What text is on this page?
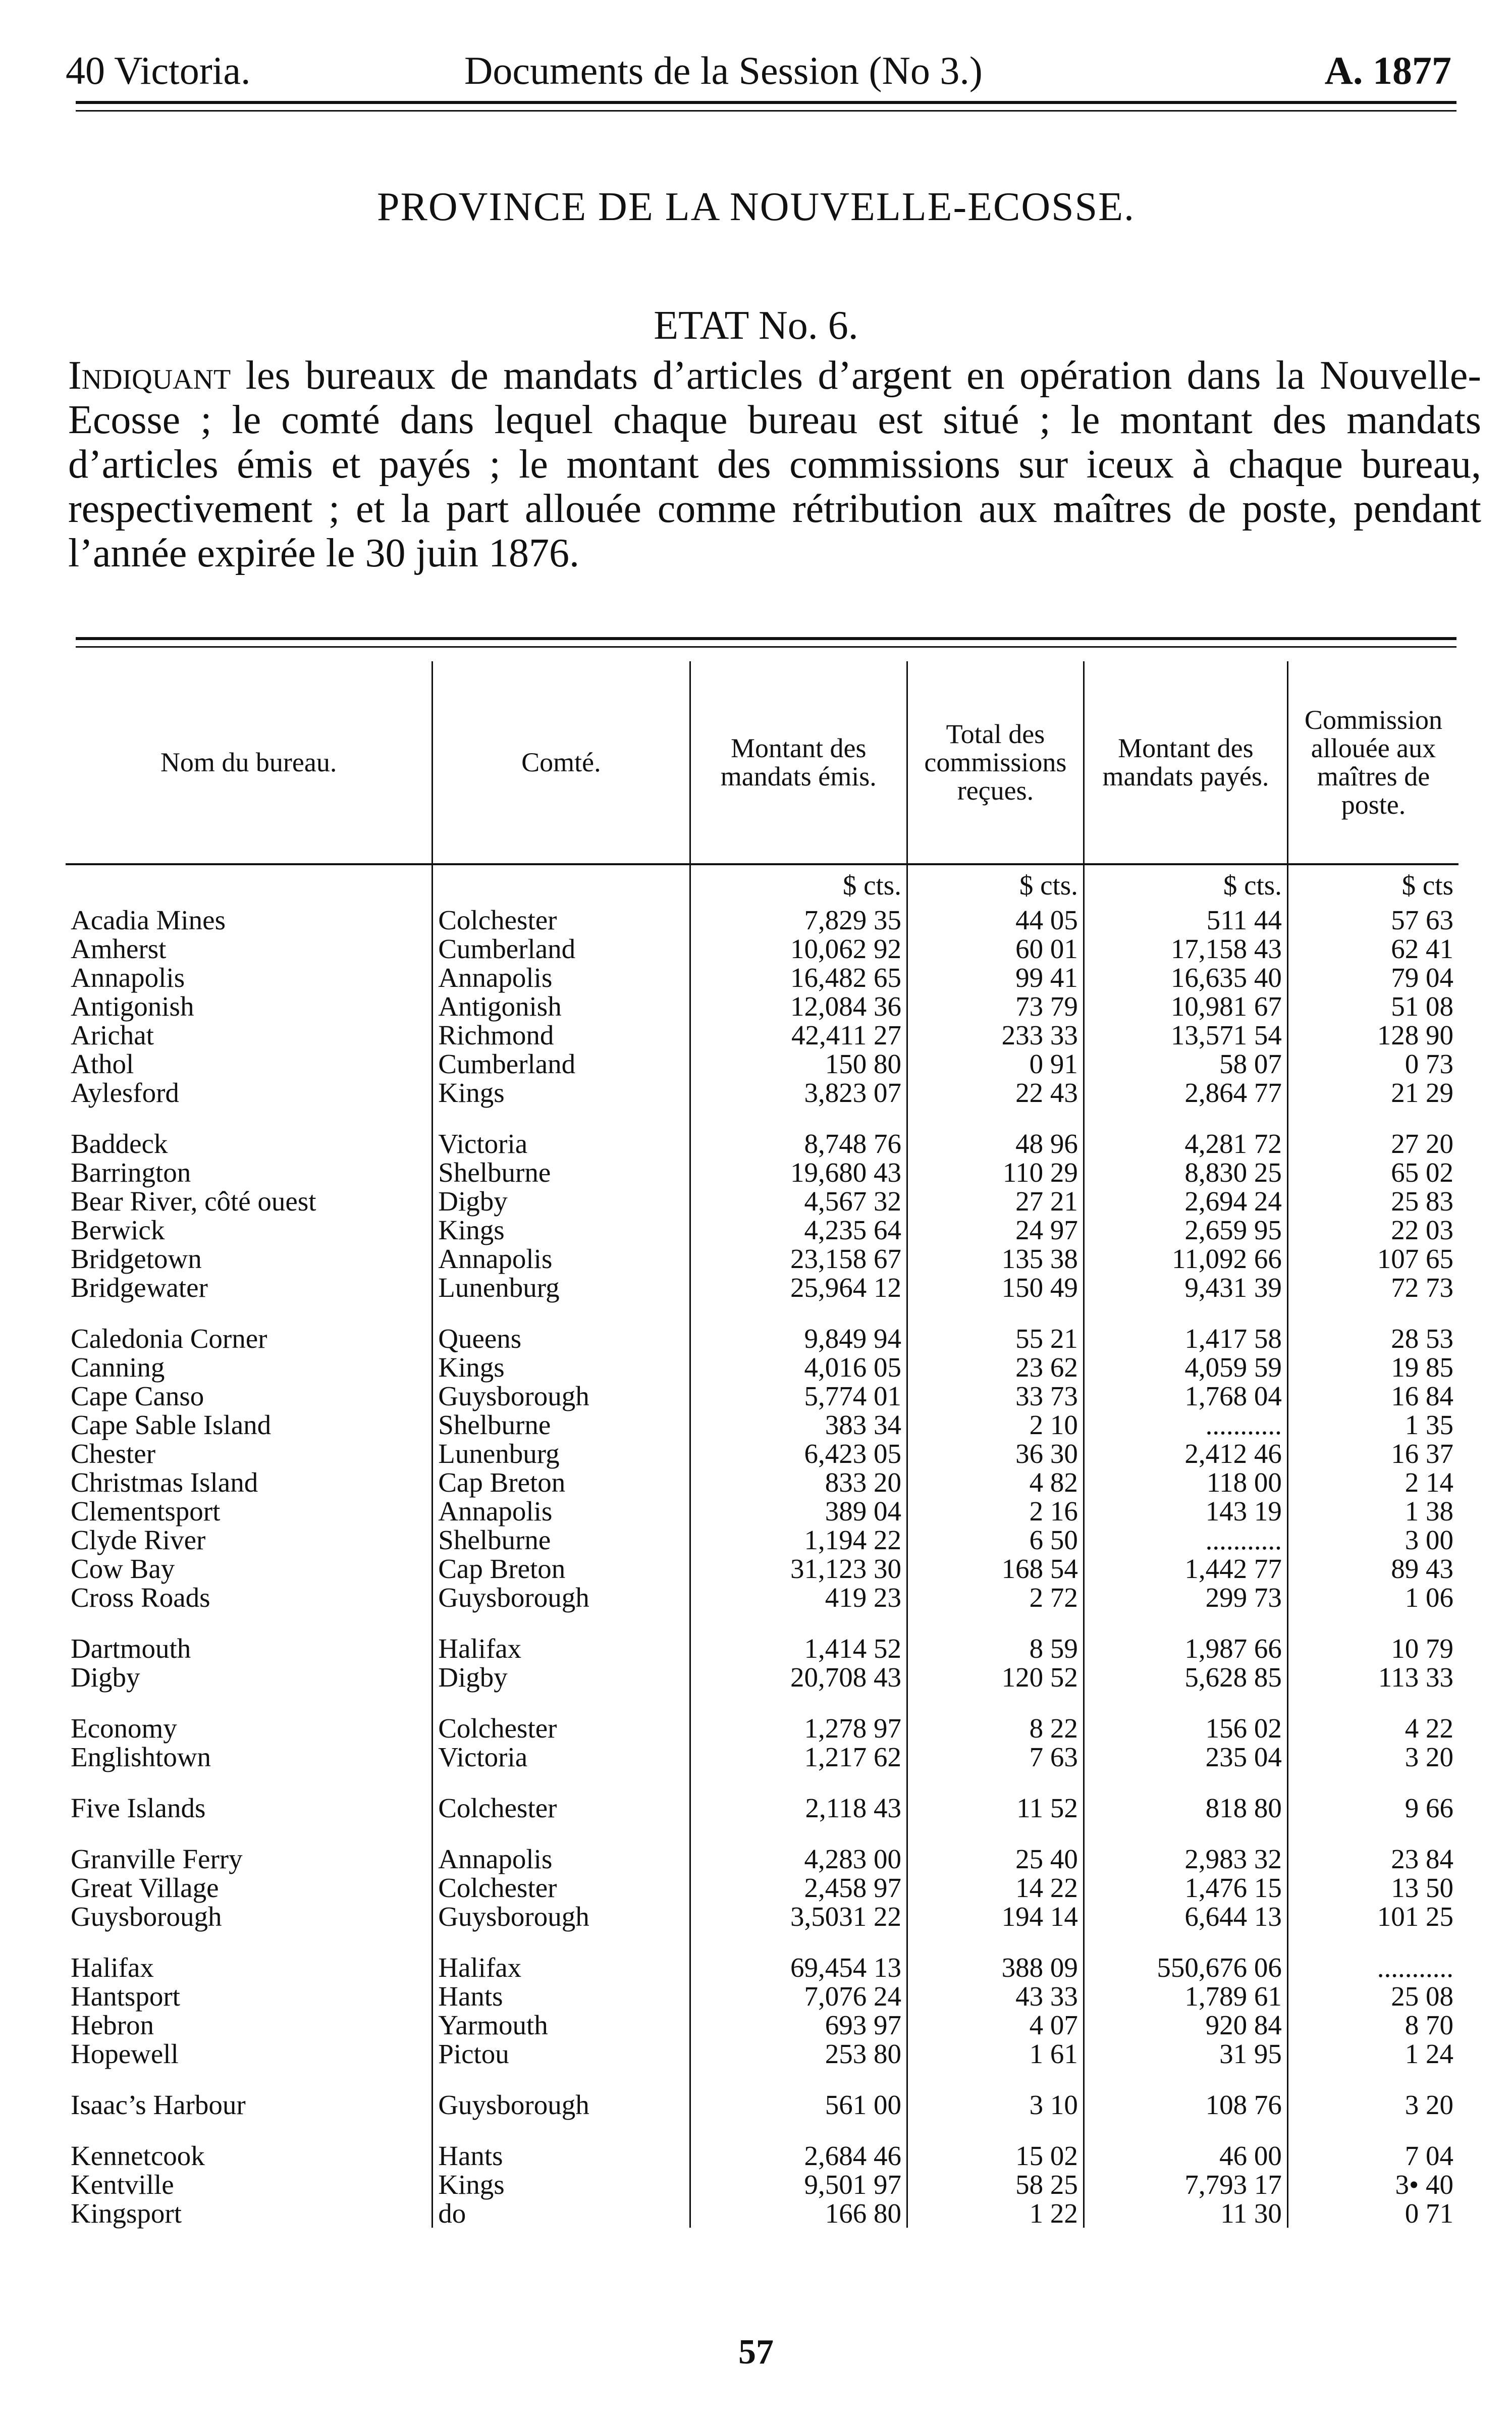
40 Victoria.	Documents de la Session (No 3.)	A. 1877
PROVINCE DE LA NOUVELLE-ECOSSE.
ETAT No. 6.
Indiquant les bureaux de mandats d’articles d’argent en opération dans la Nouvelle-Ecosse ; le comté dans lequel chaque bureau est situé ; le montant des mandats d’articles émis et payés ; le montant des commissions sur iceux à chaque bureau, respectivement ; et la part allouée comme rétribution aux maîtres de poste, pendant l’année expirée le 30 juin 1876.
Nom du bureau.	Comté.	Montant des mandats émis.	Total des commissions reçues.	Montant des mandats payés.	Commission allouée aux maîtres de poste.
		$ cts.	$ cts.	$ cts.	$ cts
Acadia Mines	Colchester	7,829 35	44 05	511 44	57 63
Amherst	Cumberland	10,062 92	60 01	17,158 43	62 41
Annapolis	Annapolis	16,482 65	99 41	16,635 40	79 04
Antigonish	Antigonish	12,084 36	73 79	10,981 67	51 08
Arichat	Richmond	42,411 27	233 33	13,571 54	128 90
Athol	Cumberland	150 80	0 91	58 07	0 73
Aylesford	Kings	3,823 07	22 43	2,864 77	21 29

Baddeck	Victoria	8,748 76	48 96	4,281 72	27 20
Barrington	Shelburne	19,680 43	110 29	8,830 25	65 02
Bear River, côté ouest	Digby	4,567 32	27 21	2,694 24	25 83
Berwick	Kings	4,235 64	24 97	2,659 95	22 03
Bridgetown	Annapolis	23,158 67	135 38	11,092 66	107 65
Bridgewater	Lunenburg	25,964 12	150 49	9,431 39	72 73

Caledonia Corner	Queens	9,849 94	55 21	1,417 58	28 53
Canning	Kings	4,016 05	23 62	4,059 59	19 85
Cape Canso	Guysborough	5,774 01	33 73	1,768 04	16 84
Cape Sable Island	Shelburne	383 34	2 10	...........	1 35
Chester	Lunenburg	6,423 05	36 30	2,412 46	16 37
Christmas Island	Cap Breton	833 20	4 82	118 00	2 14
Clementsport	Annapolis	389 04	2 16	143 19	1 38
Clyde River	Shelburne	1,194 22	6 50	...........	3 00
Cow Bay	Cap Breton	31,123 30	168 54	1,442 77	89 43
Cross Roads	Guysborough	419 23	2 72	299 73	1 06

Dartmouth	Halifax	1,414 52	8 59	1,987 66	10 79
Digby	Digby	20,708 43	120 52	5,628 85	113 33

Economy	Colchester	1,278 97	8 22	156 02	4 22
Englishtown	Victoria	1,217 62	7 63	235 04	3 20

Five Islands	Colchester	2,118 43	11 52	818 80	9 66

Granville Ferry	Annapolis	4,283 00	25 40	2,983 32	23 84
Great Village	Colchester	2,458 97	14 22	1,476 15	13 50
Guysborough	Guysborough	3,5031 22	194 14	6,644 13	101 25

Halifax	Halifax	69,454 13	388 09	550,676 06	...........
Hantsport	Hants	7,076 24	43 33	1,789 61	25 08
Hebron	Yarmouth	693 97	4 07	920 84	8 70
Hopewell	Pictou	253 80	1 61	31 95	1 24

Isaac’s Harbour	Guysborough	561 00	3 10	108 76	3 20

Kennetcook	Hants	2,684 46	15 02	46 00	7 04
Kentville	Kings	9,501 97	58 25	7,793 17	3• 40
Kingsport	do	166 80	1 22	11 30	0 71
57
